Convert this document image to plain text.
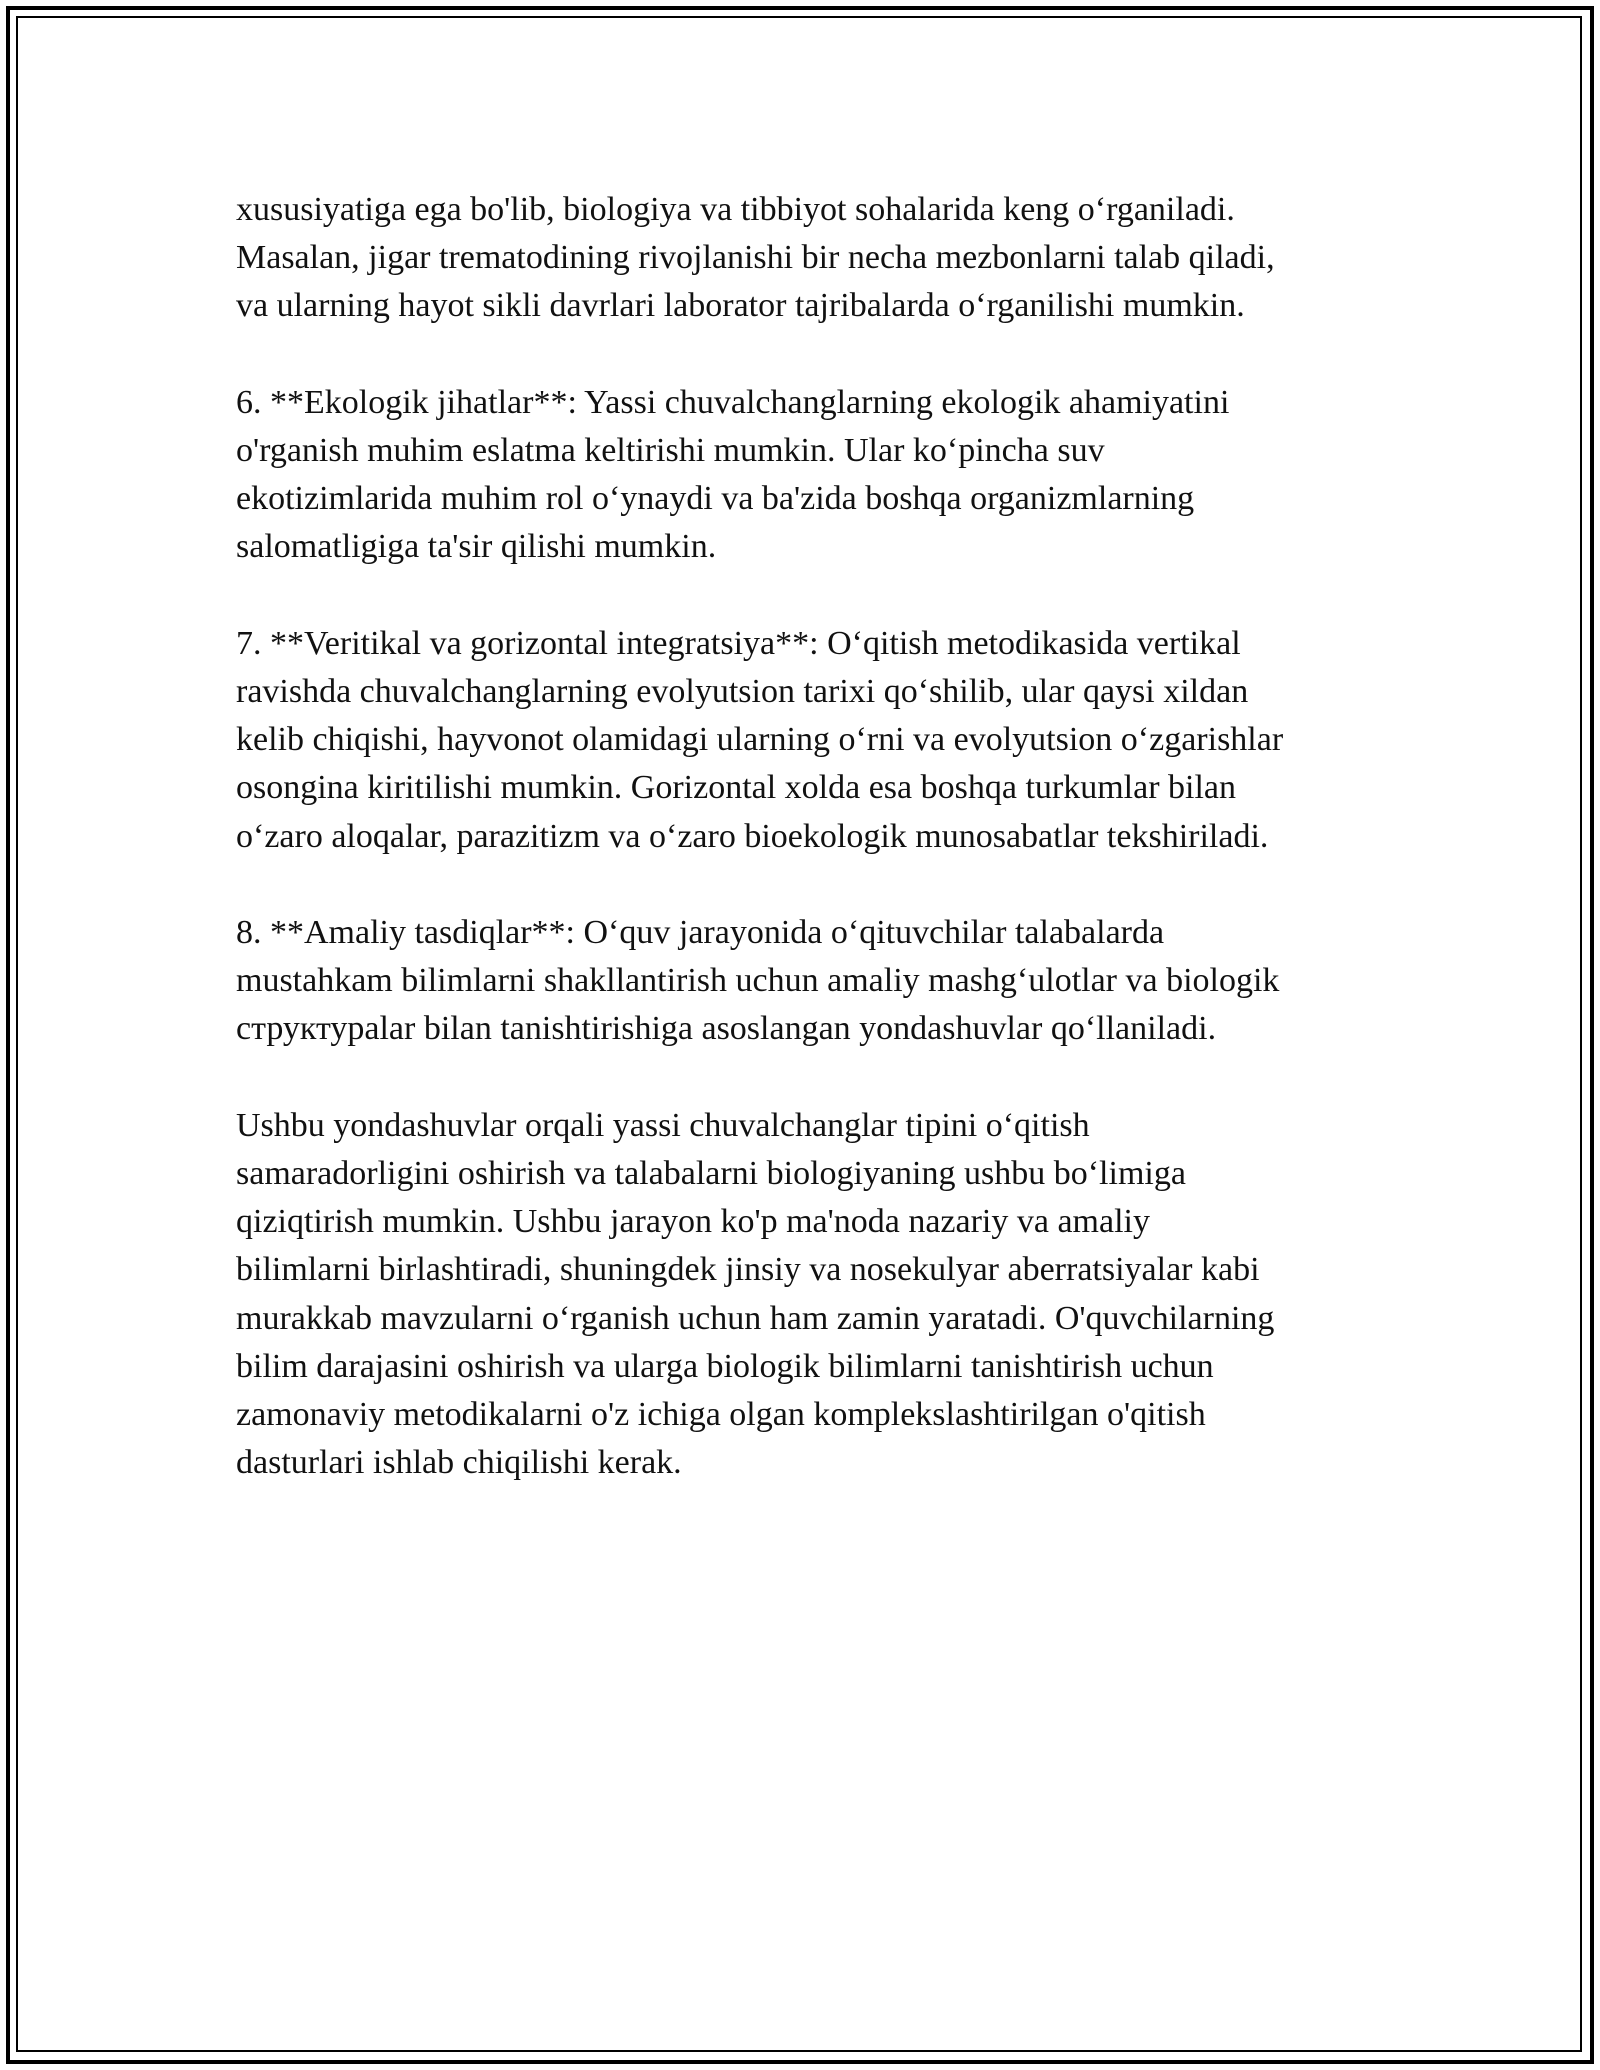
xususiyatiga ega bo'lib, biologiya va tibbiyot sohalarida keng o‘rganiladi.
Masalan, jigar trematodining rivojlanishi bir necha mezbonlarni talab qiladi,
va ularning hayot sikli davrlari laborator tajribalarda o‘rganilishi mumkin.

6. **Ekologik jihatlar**: Yassi chuvalchanglarning ekologik ahamiyatini
o'rganish muhim eslatma keltirishi mumkin. Ular ko‘pincha suv
ekotizimlarida muhim rol o‘ynaydi va ba'zida boshqa organizmlarning
salomatligiga ta'sir qilishi mumkin.

7. **Veritikal va gorizontal integratsiya**: O‘qitish metodikasida vertikal
ravishda chuvalchanglarning evolyutsion tarixi qo‘shilib, ular qaysi xildan
kelib chiqishi, hayvonot olamidagi ularning o‘rni va evolyutsion o‘zgarishlar
osongina kiritilishi mumkin. Gorizontal xolda esa boshqa turkumlar bilan
o‘zaro aloqalar, parazitizm va o‘zaro bioekologik munosabatlar tekshiriladi.

8. **Amaliy tasdiqlar**: O‘quv jarayonida o‘qituvchilar talabalarda
mustahkam bilimlarni shakllantirish uchun amaliy mashg‘ulotlar va biologik
структурalar bilan tanishtirishiga asoslangan yondashuvlar qo‘llaniladi.

Ushbu yondashuvlar orqali yassi chuvalchanglar tipini o‘qitish
samaradorligini oshirish va talabalarni biologiyaning ushbu bo‘limiga
qiziqtirish mumkin. Ushbu jarayon ko'p ma'noda nazariy va amaliy
bilimlarni birlashtiradi, shuningdek jinsiy va nosekulyar aberratsiyalar kabi
murakkab mavzularni o‘rganish uchun ham zamin yaratadi. O'quvchilarning
bilim darajasini oshirish va ularga biologik bilimlarni tanishtirish uchun
zamonaviy metodikalarni o'z ichiga olgan komplekslashtirilgan o'qitish
dasturlari ishlab chiqilishi kerak.
